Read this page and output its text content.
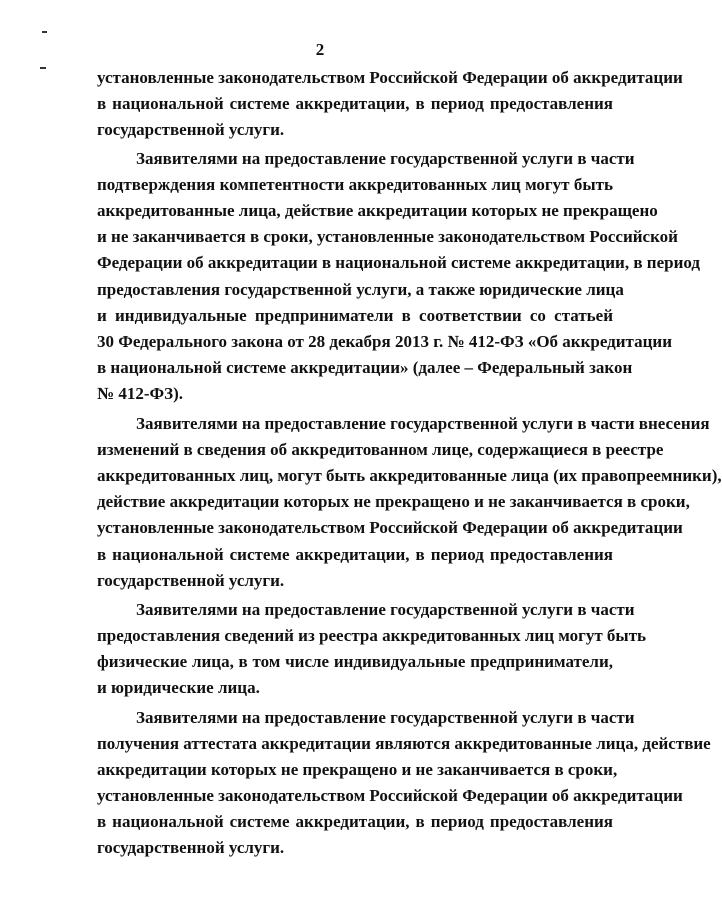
2
установленные законодательством Российской Федерации об аккредитации
в национальной системе аккредитации, в период предоставления
государственной услуги.
Заявителями на предоставление государственной услуги в части
подтверждения компетентности аккредитованных лиц могут быть
аккредитованные лица, действие аккредитации которых не прекращено
и не заканчивается в сроки, установленные законодательством Российской
Федерации об аккредитации в национальной системе аккредитации, в период
предоставления государственной услуги, а также юридические лица
и индивидуальные предприниматели в соответствии со статьей
30 Федерального закона от 28 декабря 2013 г. № 412-ФЗ «Об аккредитации
в национальной системе аккредитации» (далее – Федеральный закон
№ 412-ФЗ).
Заявителями на предоставление государственной услуги в части внесения
изменений в сведения об аккредитованном лице, содержащиеся в реестре
аккредитованных лиц, могут быть аккредитованные лица (их правопреемники),
действие аккредитации которых не прекращено и не заканчивается в сроки,
установленные законодательством Российской Федерации об аккредитации
в национальной системе аккредитации, в период предоставления
государственной услуги.
Заявителями на предоставление государственной услуги в части
предоставления сведений из реестра аккредитованных лиц могут быть
физические лица, в том числе индивидуальные предприниматели,
и юридические лица.
Заявителями на предоставление государственной услуги в части
получения аттестата аккредитации являются аккредитованные лица, действие
аккредитации которых не прекращено и не заканчивается в сроки,
установленные законодательством Российской Федерации об аккредитации
в национальной системе аккредитации, в период предоставления
государственной услуги.
